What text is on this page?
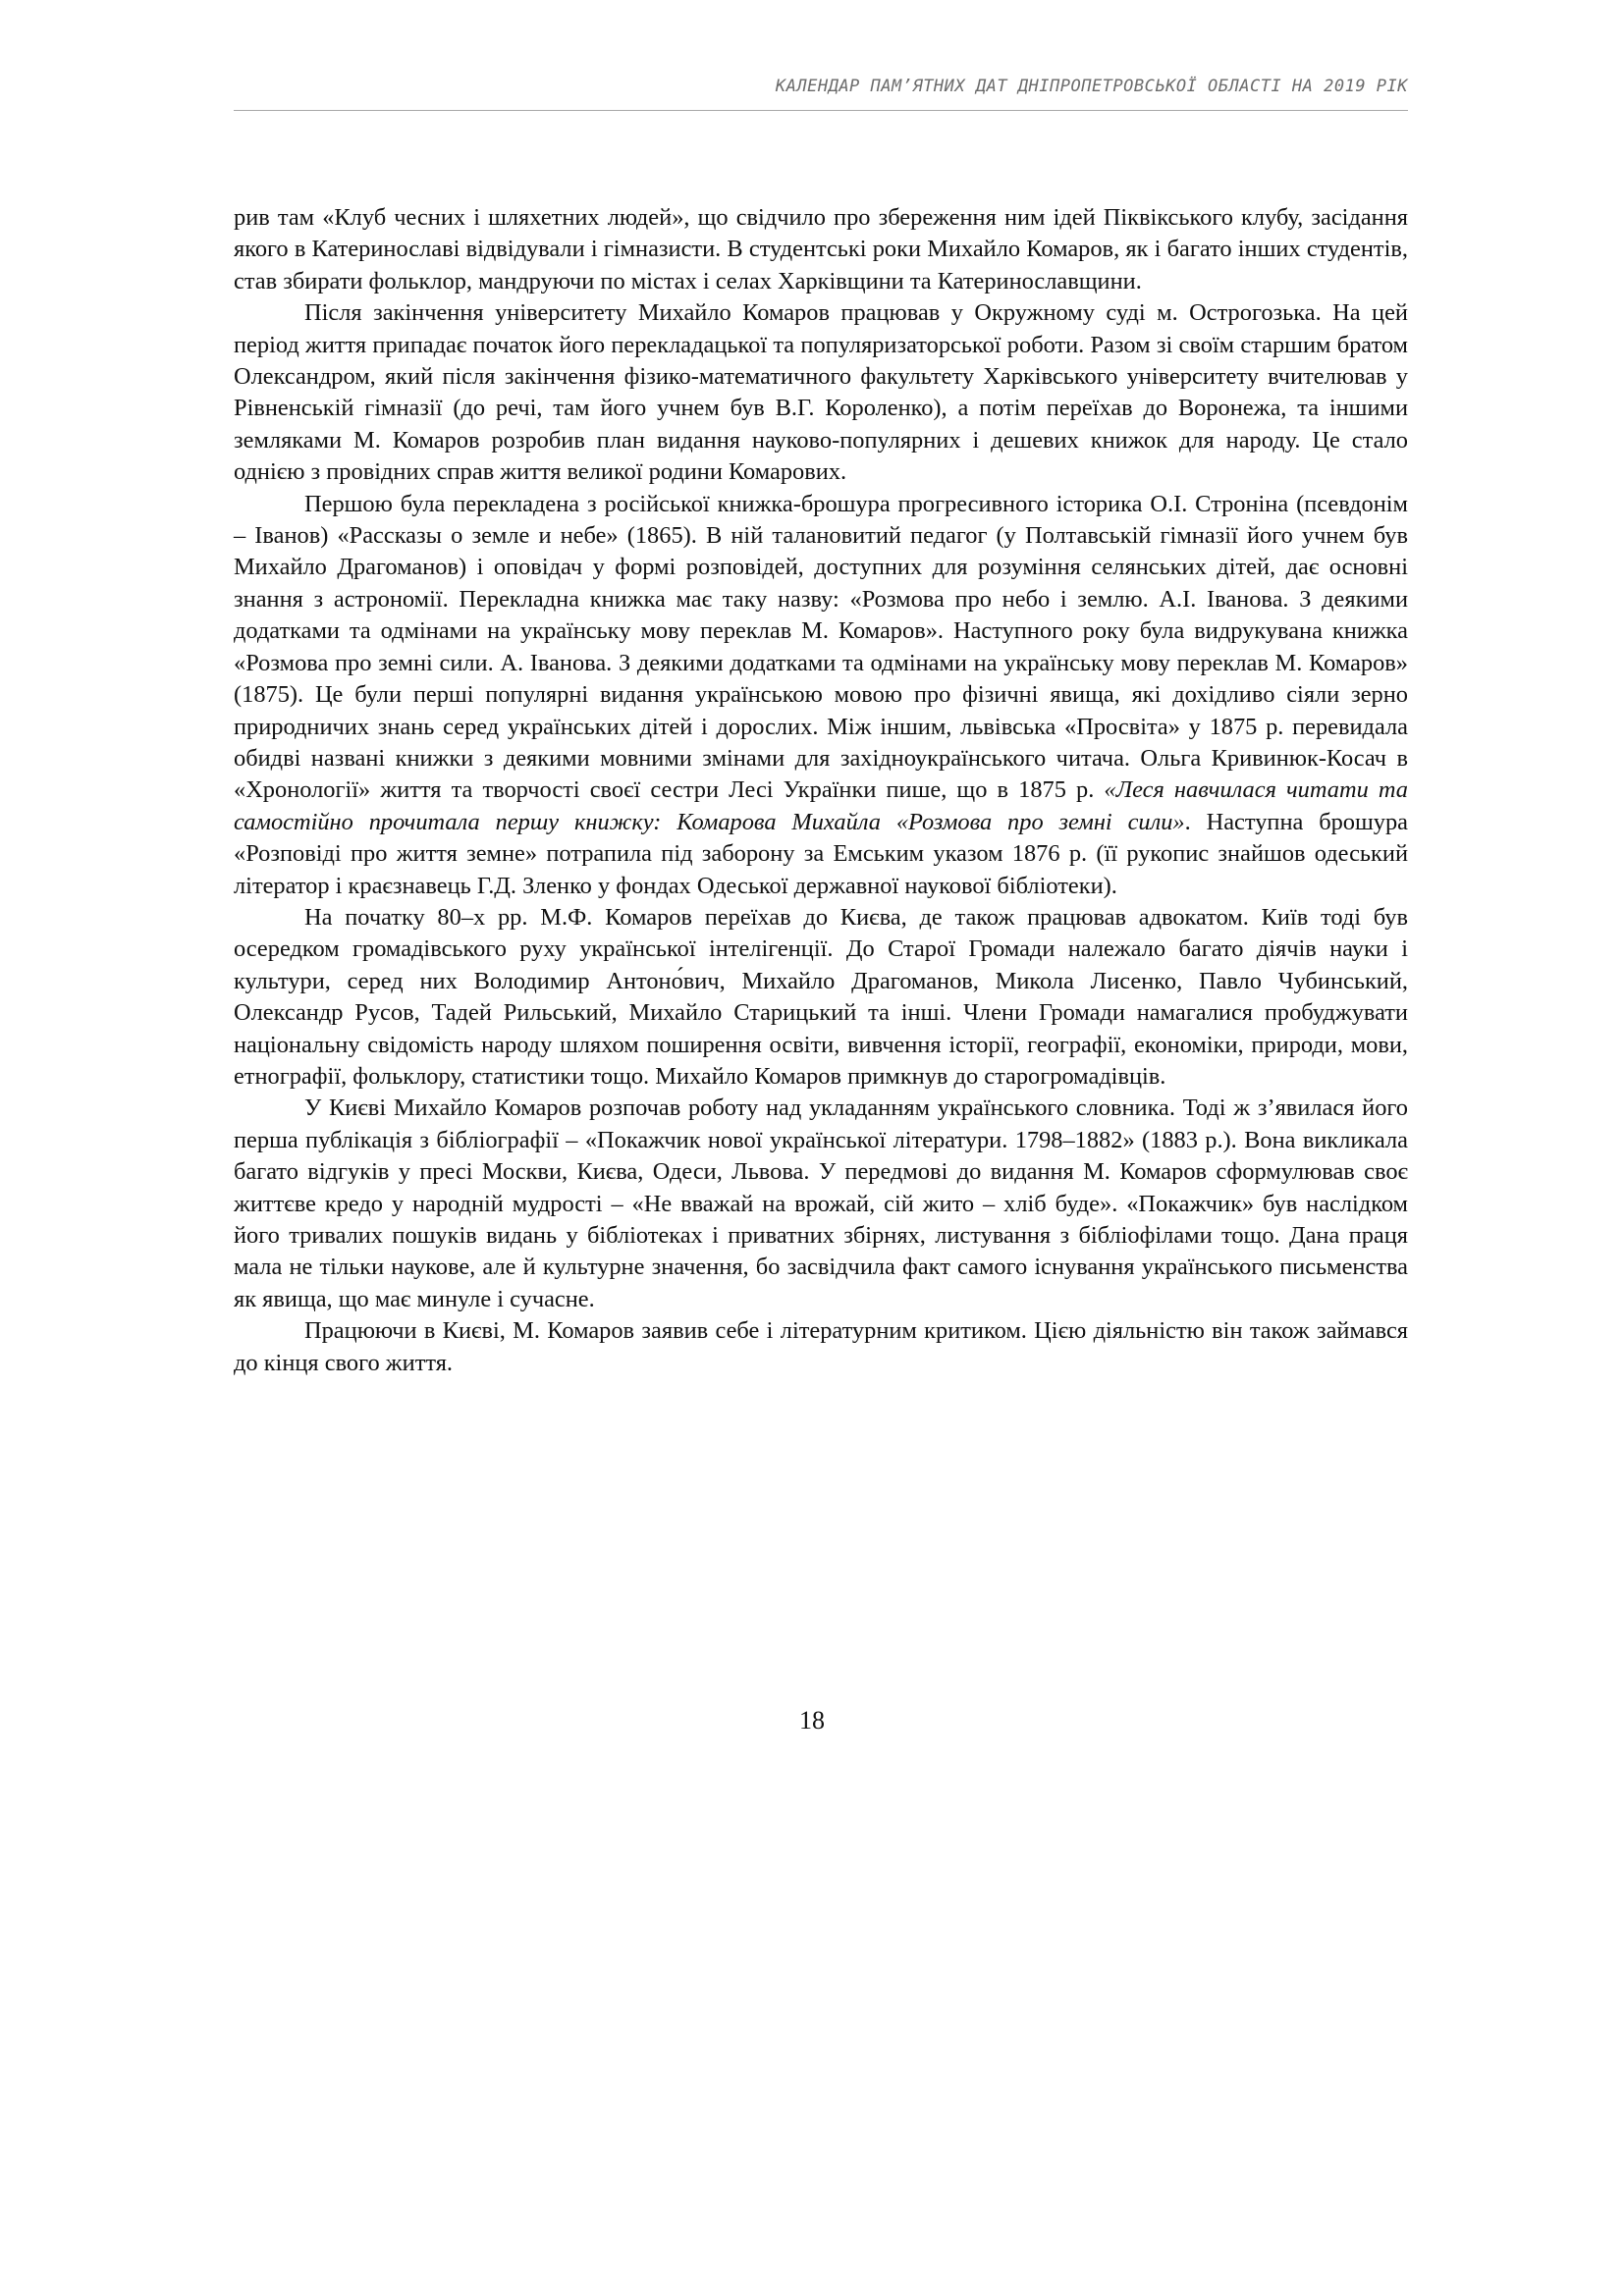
КАЛЕНДАР ПАМ’ЯТНИХ ДАТ ДНІПРОПЕТРОВСЬКОЇ ОБЛАСТІ НА 2019 РІК

рив там «Клуб чесних і шляхетних людей», що свідчило про збереження ним ідей Піквікського клубу, засідання якого в Катеринославі відвідували і гімназисти. В студентські роки Михайло Комаров, як і багато інших студентів, став збирати фольклор, мандруючи по містах і селах Харківщини та Катеринославщини.

Після закінчення університету Михайло Комаров працював у Окружному суді м. Острогозька. На цей період життя припадає початок його перекладацької та популяризаторської роботи. Разом зі своїм старшим братом Олександром, який після закінчення фізико-математичного факультету Харківського університету вчителював у Рівненській гімназії (до речі, там його учнем був В.Г. Короленко), а потім переїхав до Воронежа, та іншими земляками М. Комаров розробив план видання науково-популярних і дешевих книжок для народу. Це стало однією з провідних справ життя великої родини Комарових.

Першою була перекладена з російської книжка-брошура прогресивного історика О.І. Строніна (псевдонім – Іванов) «Рассказы о земле и небе» (1865). В ній талановитий педагог (у Полтавській гімназії його учнем був Михайло Драгоманов) і оповідач у формі розповідей, доступних для розуміння селянських дітей, дає основні знання з астрономії. Перекладна книжка має таку назву: «Розмова про небо і землю. А.І. Іванова. З деякими додатками та одмінами на українську мову переклав М. Комаров». Наступного року була видрукувана книжка «Розмова про земні сили. А. Іванова. З деякими додатками та одмінами на українську мову переклав М. Комаров» (1875). Це були перші популярні видання українською мовою про фізичні явища, які дохідливо сіяли зерно природничих знань серед українських дітей і дорослих. Між іншим, львівська «Просвіта» у 1875 р. перевидала обидві названі книжки з деякими мовними змінами для західноукраїнського читача. Ольга Кривинюк-Косач в «Хронології» життя та творчості своєї сестри Лесі Українки пише, що в 1875 р. «Леся навчилася читати та самостійно прочитала першу книжку: Комарова Михайла «Розмова про земні сили». Наступна брошура «Розповіді про життя земне» потрапила під заборону за Емським указом 1876 р. (її рукопис знайшов одеський літератор і краєзнавець Г.Д. Зленко у фондах Одеської державної наукової бібліотеки).

На початку 80–х рр. М.Ф. Комаров переїхав до Києва, де також працював адвокатом. Київ тоді був осередком громадівського руху української інтелігенції. До Старої Громади належало багато діячів науки і культури, серед них Володимир Антоно́вич, Михайло Драгоманов, Микола Лисенко, Павло Чубинський, Олександр Русов, Тадей Рильський, Михайло Старицький та інші. Члени Громади намагалися пробуджувати національну свідомість народу шляхом поширення освіти, вивчення історії, географії, економіки, природи, мови, етнографії, фольклору, статистики тощо. Михайло Комаров примкнув до старогромадівців.

У Києві Михайло Комаров розпочав роботу над укладанням українського словника. Тоді ж з’явилася його перша публікація з бібліографії – «Покажчик нової української літератури. 1798–1882» (1883 р.). Вона викликала багато відгуків у пресі Москви, Києва, Одеси, Львова. У передмові до видання М. Комаров сформулював своє життєве кредо у народній мудрості – «Не вважай на врожай, сій жито – хліб буде». «Покажчик» був наслідком його тривалих пошуків видань у бібліотеках і приватних збірнях, листування з бібліофілами тощо. Дана праця мала не тільки наукове, але й культурне значення, бо засвідчила факт самого існування українського письменства як явища, що має минуле і сучасне.

Працюючи в Києві, М. Комаров заявив себе і літературним критиком. Цією діяльністю він також займався до кінця свого життя.

18
